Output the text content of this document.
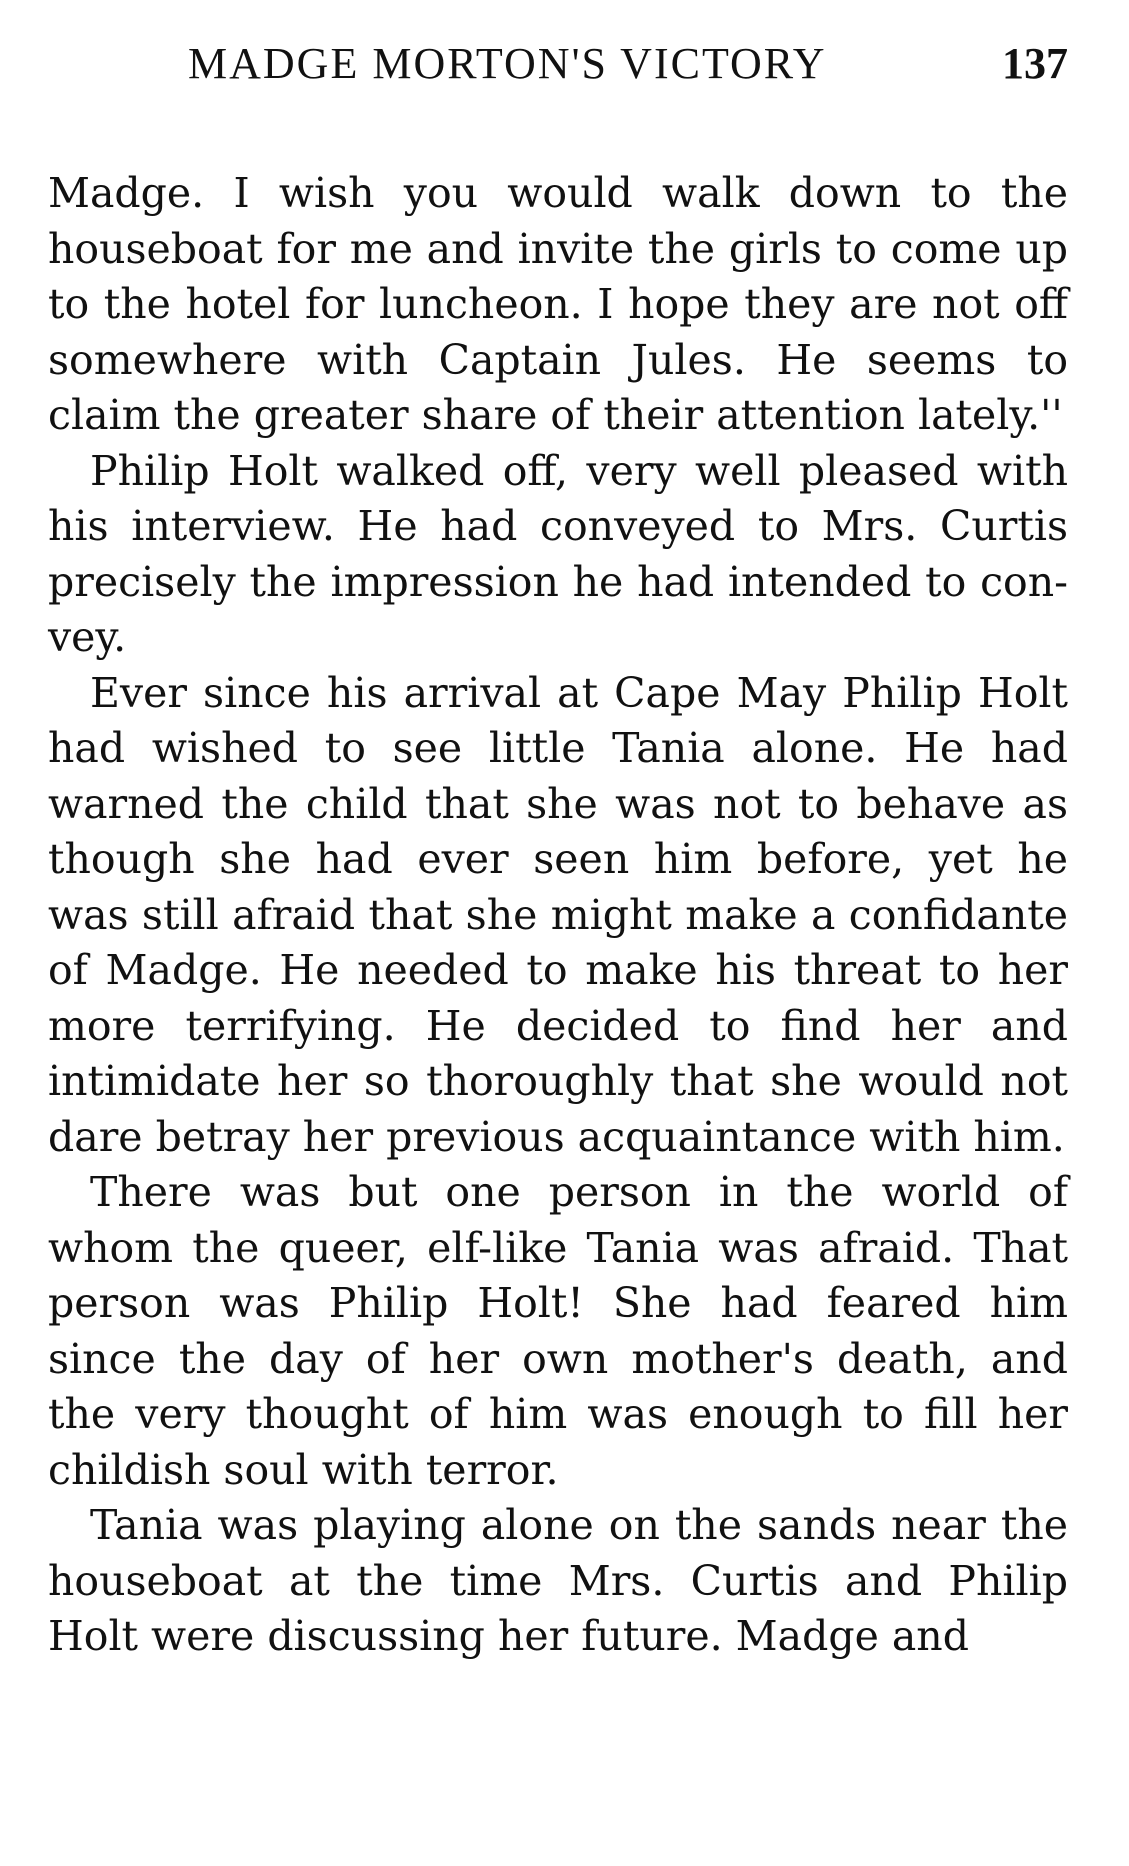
MADGE MORTON'S VICTORY	137

Madge. I wish you would walk down to the houseboat for me and invite the girls to come up to the hotel for luncheon. I hope they are not off somewhere with Captain Jules. He seems to claim the greater share of their attention lately.''

Philip Holt walked off, very well pleased with his interview. He had conveyed to Mrs. Curtis precisely the impression he had intended to convey.

Ever since his arrival at Cape May Philip Holt had wished to see little Tania alone. He had warned the child that she was not to behave as though she had ever seen him before, yet he was still afraid that she might make a confidante of Madge. He needed to make his threat to her more terrifying. He decided to find her and intimidate her so thoroughly that she would not dare betray her previous acquaintance with him.

There was but one person in the world of whom the queer, elf-like Tania was afraid. That person was Philip Holt! She had feared him since the day of her own mother's death, and the very thought of him was enough to fill her childish soul with terror.

Tania was playing alone on the sands near the houseboat at the time Mrs. Curtis and Philip Holt were discussing her future. Madge and
